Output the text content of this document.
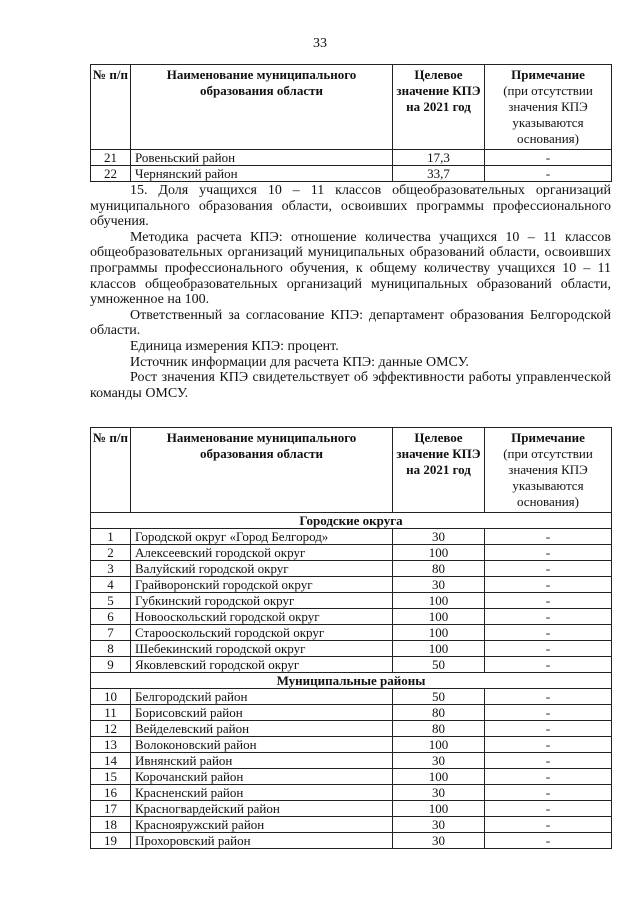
33
№ п/п	Наименование муниципального образования области	Целевое значение КПЭ на 2021 год	Примечание
(при отсутствии значения КПЭ указываются основания)
21	Ровеньский район	17,3	-
22	Чернянский район	33,7	-

15. Доля учащихся 10 – 11 классов общеобразовательных организаций муниципального образования области, освоивших программы профессионального обучения.

Методика расчета КПЭ: отношение количества учащихся 10 – 11 классов общеобразовательных организаций муниципальных образований области, освоивших программы профессионального обучения, к общему количеству учащихся 10 – 11 классов общеобразовательных организаций муниципальных образований области, умноженное на 100.

Ответственный за согласование КПЭ: департамент образования Белгородской области.

Единица измерения КПЭ: процент.

Источник информации для расчета КПЭ: данные ОМСУ.

Рост значения КПЭ свидетельствует об эффективности работы управленческой команды ОМСУ.

№ п/п	Наименование муниципального образования области	Целевое значение КПЭ на 2021 год	Примечание
(при отсутствии значения КПЭ указываются основания)
Городские округа			
1	Городской округ «Город Белгород»	30	-
2	Алексеевский городской округ	100	-
3	Валуйский городской округ	80	-
4	Грайворонский городской округ	30	-
5	Губкинский городской округ	100	-
6	Новооскольский городской округ	100	-
7	Старооскольский городской округ	100	-
8	Шебекинский городской округ	100	-
9	Яковлевский городской округ	50	-
Муниципальные районы			
10	Белгородский район	50	-
11	Борисовский район	80	-
12	Вейделевский район	80	-
13	Волоконовский район	100	-
14	Ивнянский район	30	-
15	Корочанский район	100	-
16	Красненский район	30	-
17	Красногвардейский район	100	-
18	Краснояружский район	30	-
19	Прохоровский район	30	-
